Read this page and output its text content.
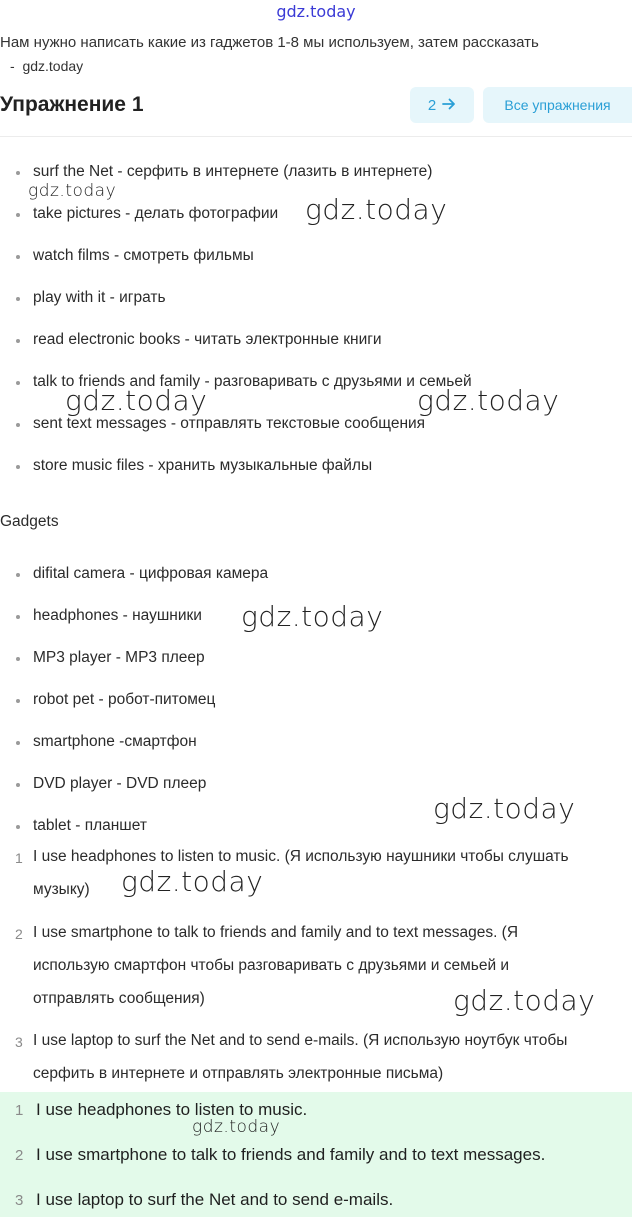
gdz.today
Нам нужно написать какие из гаджетов 1-8 мы используем, затем рассказать
-  gdz.today
Упражнение 1	2	Все упражнения
surf the Net - серфить в интернете (лазить в интернете)
take pictures - делать фотографии
watch films - смотреть фильмы
play with it - играть
read electronic books - читать электронные книги
talk to friends and family - разговаривать с друзьями и семьей
sent text messages - отправлять текстовые сообщения
store music files - хранить музыкальные файлы
Gadgets
difital camera - цифровая камера
headphones - наушники
MP3 player - MP3 плеер
robot pet - робот-питомец
smartphone -смартфон
DVD player - DVD плеер
tablet - планшет
1 I use headphones to listen to music. (Я использую наушники чтобы слушать
музыку)
2 I use smartphone to talk to friends and family and to text messages. (Я
использую смартфон чтобы разговаривать с друзьями и семьей и
отправлять сообщения)
3 I use laptop to surf the Net and to send e-mails. (Я использую ноутбук чтобы
серфить в интернете и отправлять электронные письма)
1 I use headphones to listen to music.
2 I use smartphone to talk to friends and family and to text messages.
3 I use laptop to surf the Net and to send e-mails.
gdz.today
gdz.today
gdz.today	gdz.today
gdz.today
gdz.today
gdz.today
gdz.today
gdz.today
